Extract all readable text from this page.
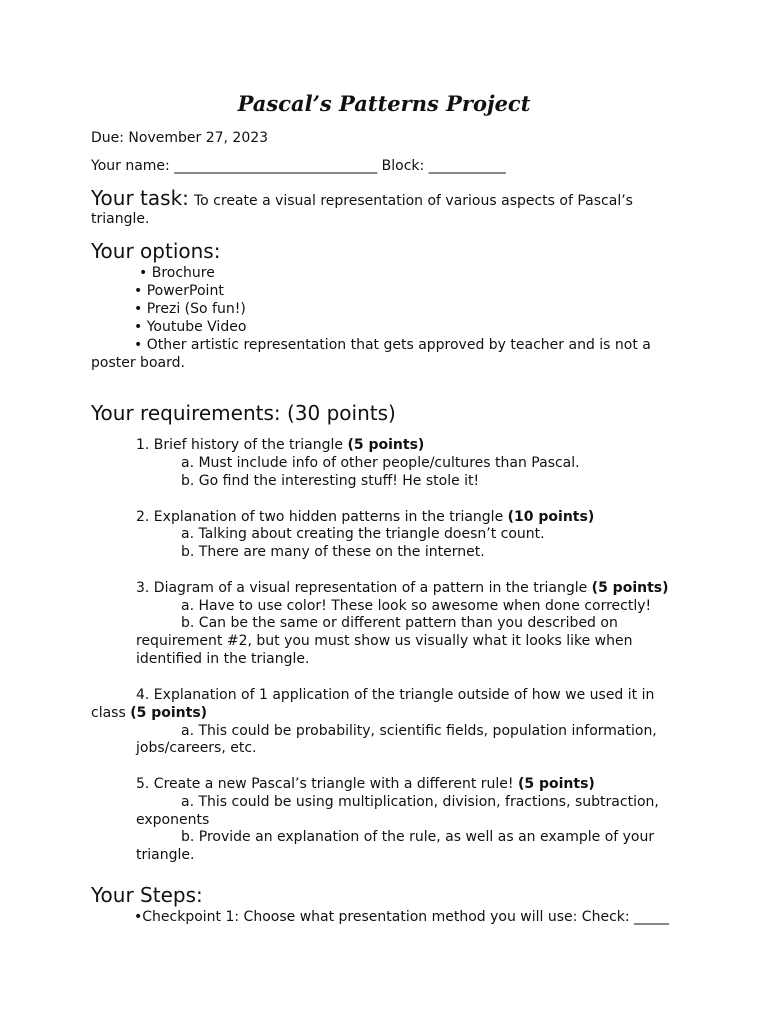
Pascal’s Patterns Project
Due: November 27, 2023
Your name: _____________________________ Block: ___________
Your task: To create a visual representation of various aspects of Pascal’s
triangle.
Your options:
• Brochure
• PowerPoint
• Prezi (So fun!)
• Youtube Video
• Other artistic representation that gets approved by teacher and is not a
poster board.
Your requirements: (30 points)
1. Brief history of the triangle (5 points)
a. Must include info of other people/cultures than Pascal.
b. Go find the interesting stuff! He stole it!
2. Explanation of two hidden patterns in the triangle (10 points)
a. Talking about creating the triangle doesn’t count.
b. There are many of these on the internet.
3. Diagram of a visual representation of a pattern in the triangle (5 points)
a. Have to use color! These look so awesome when done correctly!
b. Can be the same or different pattern than you described on
requirement #2, but you must show us visually what it looks like when
identified in the triangle.
4. Explanation of 1 application of the triangle outside of how we used it in
class (5 points)
a. This could be probability, scientific fields, population information,
jobs/careers, etc.
5. Create a new Pascal’s triangle with a different rule! (5 points)
a. This could be using multiplication, division, fractions, subtraction,
exponents
b. Provide an explanation of the rule, as well as an example of your
triangle.
Your Steps:
•Checkpoint 1: Choose what presentation method you will use: Check: _____
